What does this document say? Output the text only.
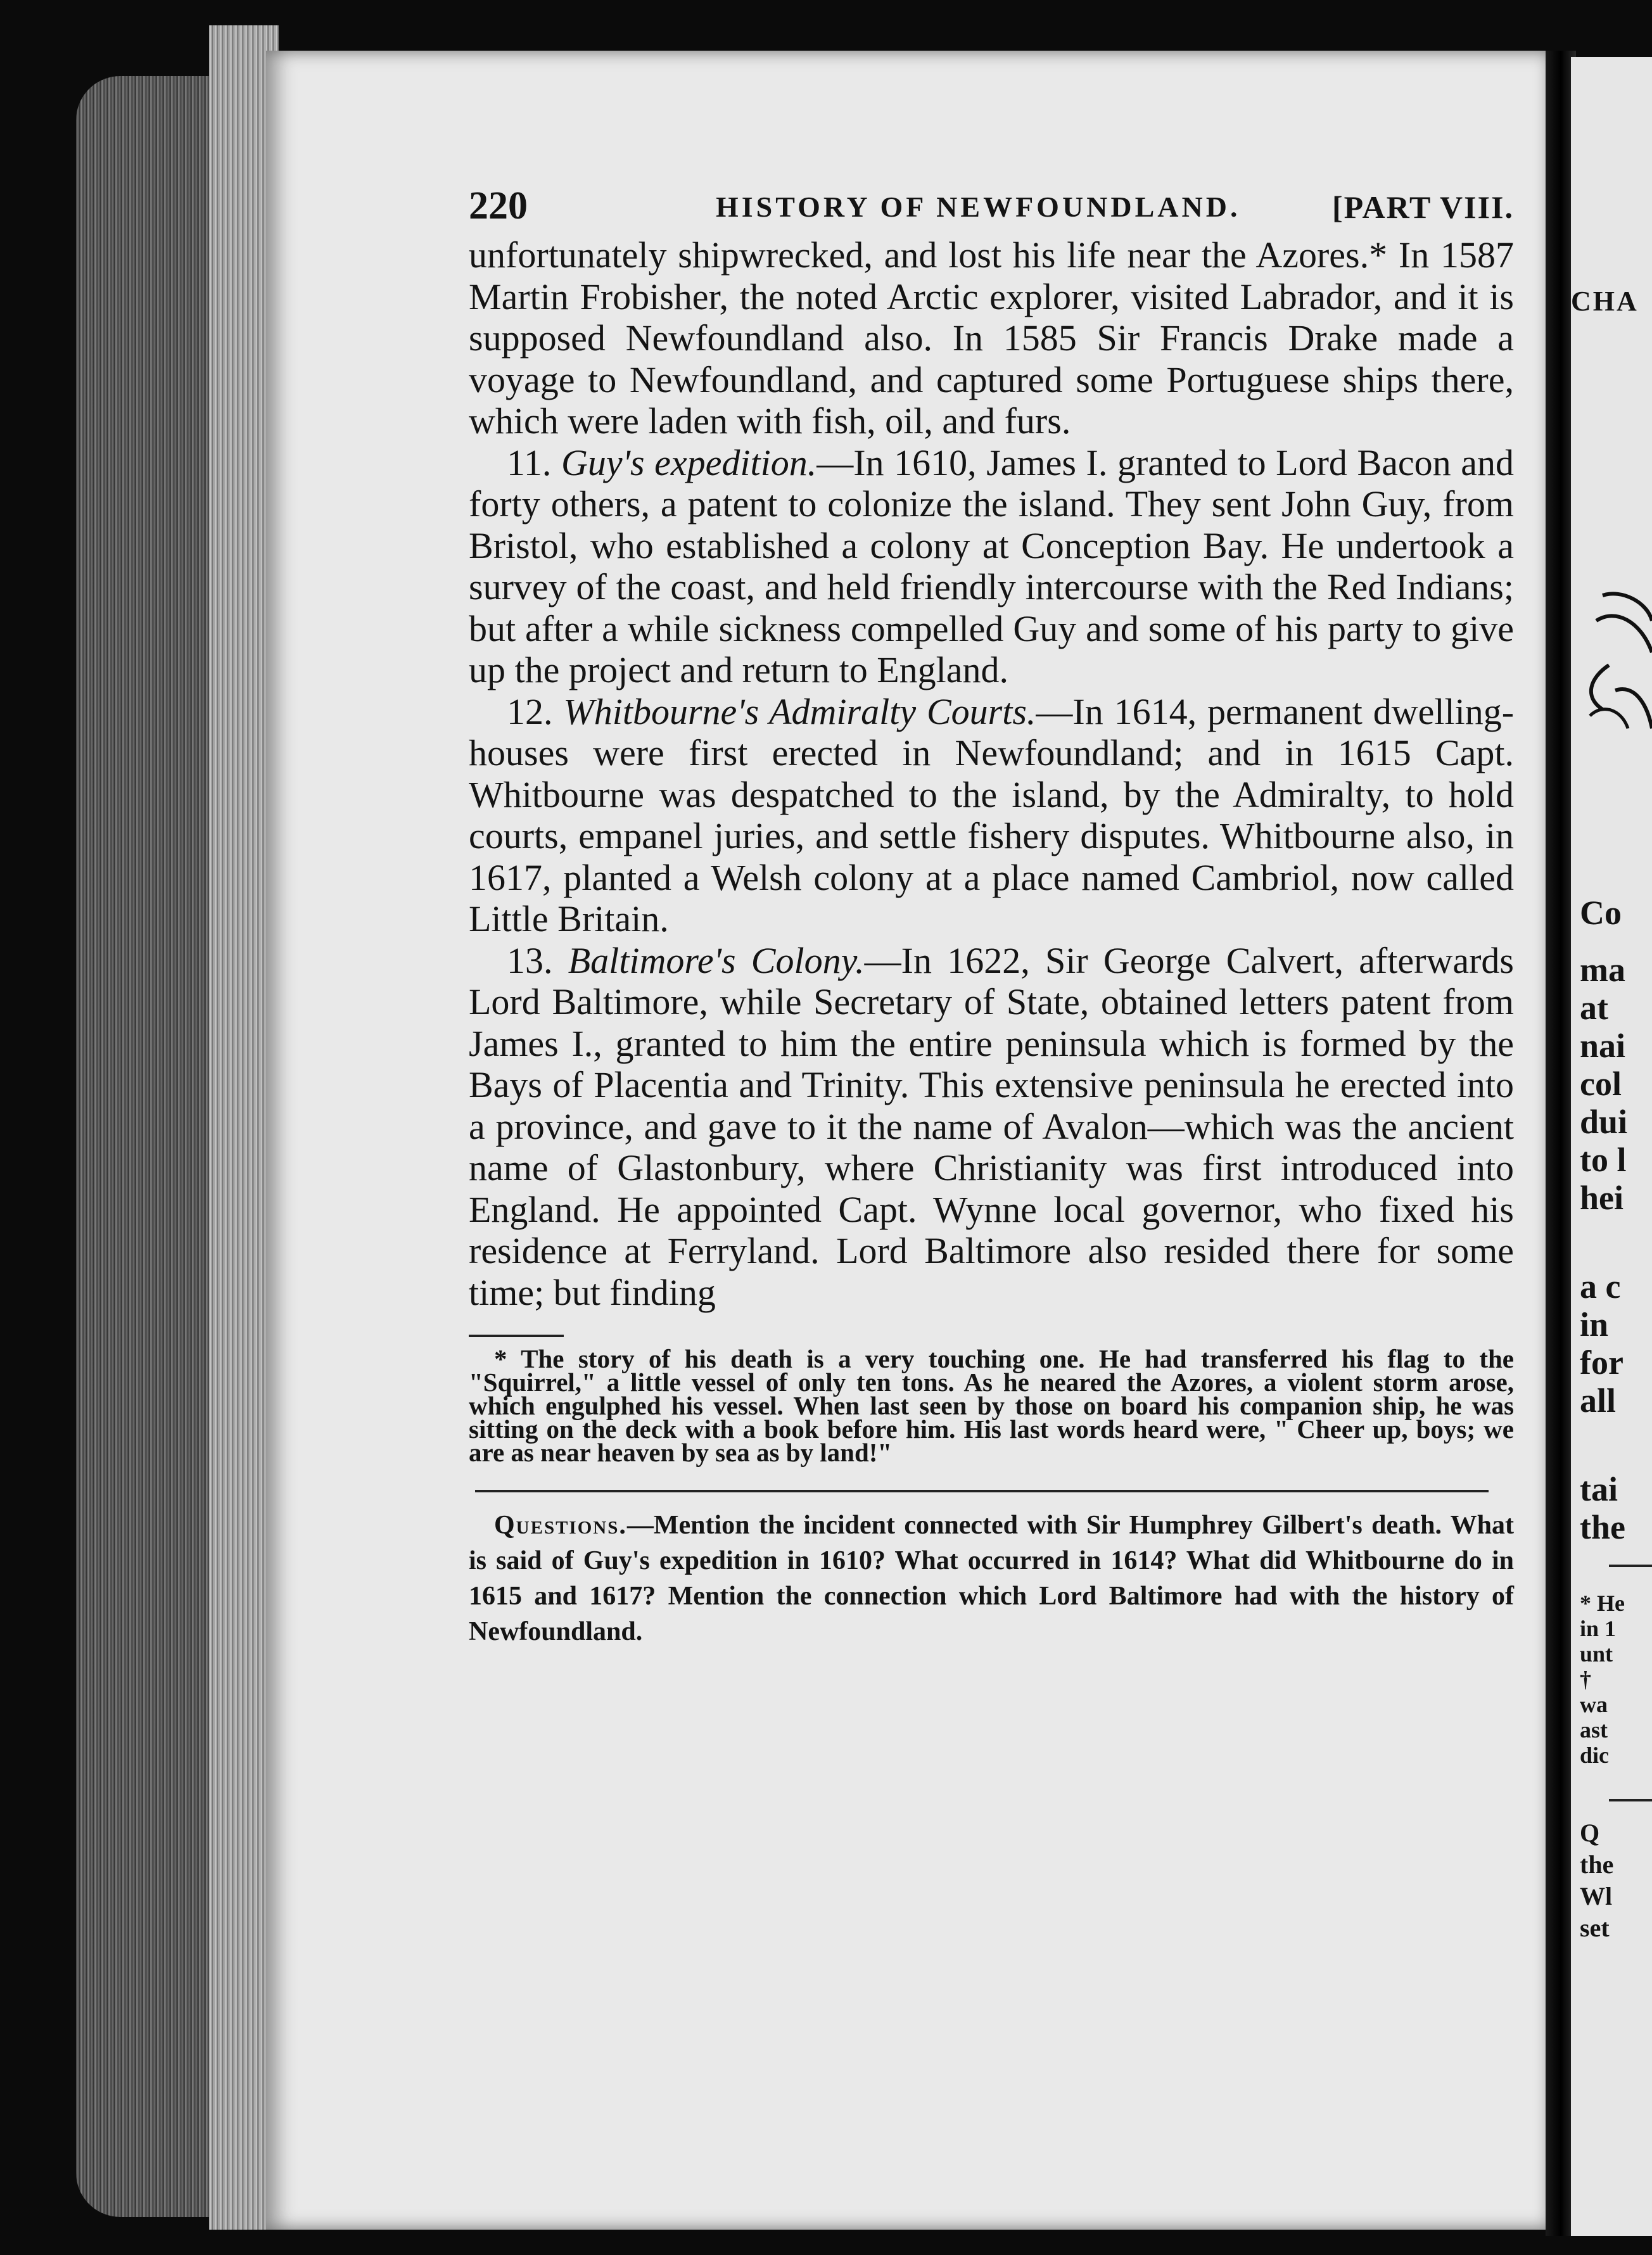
CHA
Co
ma
at
nai
col
dui
to l
hei
a c
in
for
all
tai
the
* He
in 1
unt
†
wa
ast
dic
Q
the
Wl
set
220	HISTORY OF NEWFOUNDLAND.	[PART VIII.

unfortunately shipwrecked, and lost his life near the Azores.* In 1587 Martin Frobisher, the noted Arctic explorer, visited Labrador, and it is supposed Newfoundland also. In 1585 Sir Francis Drake made a voyage to Newfoundland, and captured some Portuguese ships there, which were laden with fish, oil, and furs.

11. Guy's expedition.—In 1610, James I. granted to Lord Bacon and forty others, a patent to colonize the island. They sent John Guy, from Bristol, who established a colony at Conception Bay. He undertook a survey of the coast, and held friendly intercourse with the Red Indians; but after a while sickness compelled Guy and some of his party to give up the project and return to England.

12. Whitbourne's Admiralty Courts.—In 1614, permanent dwelling-houses were first erected in Newfoundland; and in 1615 Capt. Whitbourne was despatched to the island, by the Admiralty, to hold courts, empanel juries, and settle fishery disputes. Whitbourne also, in 1617, planted a Welsh colony at a place named Cambriol, now called Little Britain.

13. Baltimore's Colony.—In 1622, Sir George Calvert, afterwards Lord Baltimore, while Secretary of State, obtained letters patent from James I., granted to him the entire peninsula which is formed by the Bays of Placentia and Trinity. This extensive peninsula he erected into a province, and gave to it the name of Avalon—which was the ancient name of Glastonbury, where Christianity was first introduced into England. He appointed Capt. Wynne local governor, who fixed his residence at Ferryland. Lord Baltimore also resided there for some time; but finding

* The story of his death is a very touching one. He had transferred his flag to the "Squirrel," a little vessel of only ten tons. As he neared the Azores, a violent storm arose, which engulphed his vessel. When last seen by those on board his companion ship, he was sitting on the deck with a book before him. His last words heard were, " Cheer up, boys; we are as near heaven by sea as by land!"

Questions.—Mention the incident connected with Sir Humphrey Gilbert's death. What is said of Guy's expedition in 1610? What occurred in 1614? What did Whitbourne do in 1615 and 1617? Mention the connection which Lord Baltimore had with the history of Newfoundland.
